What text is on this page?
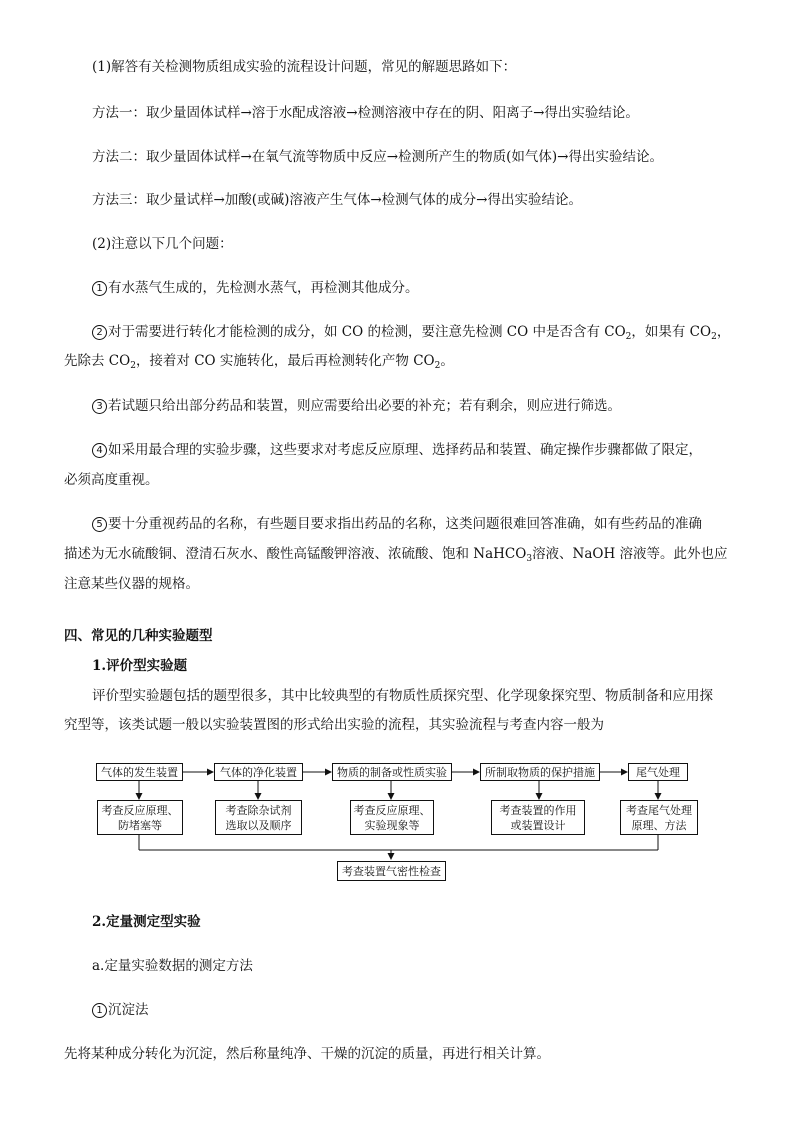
(1)解答有关检测物质组成实验的流程设计问题，常见的解题思路如下：
方法一：取少量固体试样→溶于水配成溶液→检测溶液中存在的阴、阳离子→得出实验结论。
方法二：取少量固体试样→在氧气流等物质中反应→检测所产生的物质(如气体)→得出实验结论。
方法三：取少量试样→加酸(或碱)溶液产生气体→检测气体的成分→得出实验结论。
(2)注意以下几个问题：
1 有水蒸气生成的，先检测水蒸气，再检测其他成分。
2 对于需要进行转化才能检测的成分，如 CO 的检测，要注意先检测 CO 中是否含有 $CO_2$，如果有 $CO_2$，
先除去 $CO_2$，接着对 CO 实施转化，最后再检测转化产物 $CO_2$。
3 若试题只给出部分药品和装置，则应需要给出必要的补充；若有剩余，则应进行筛选。
4 如采用最合理的实验步骤，这些要求对考虑反应原理、选择药品和装置、确定操作步骤都做了限定，
必须高度重视。
5 要十分重视药品的名称，有些题目要求指出药品的名称，这类问题很难回答准确，如有些药品的准确
描述为无水硫酸铜、澄清石灰水、酸性高锰酸钾溶液、浓硫酸、饱和 NaHCO$_3$溶液、NaOH 溶液等。此外也应
注意某些仪器的规格。
四、常见的几种实验题型
1.评价型实验题
评价型实验题包括的题型很多，其中比较典型的有物质性质探究型、化学现象探究型、物质制备和应用探
究型等，该类试题一般以实验装置图的形式给出实验的流程，其实验流程与考查内容一般为
气体的发生装置	气体的净化装置	物质的制备或性质实验	所制取物质的保护措施	尾气处理
考查反应原理、
防堵塞等
考查除杂试剂
选取以及顺序
考查反应原理、
实验现象等
考查装置的作用
或装置设计
考查尾气处理
原理、方法
考查装置气密性检查
2.定量测定型实验
a.定量实验数据的测定方法
1 沉淀法
先将某种成分转化为沉淀，然后称量纯净、干燥的沉淀的质量，再进行相关计算。
